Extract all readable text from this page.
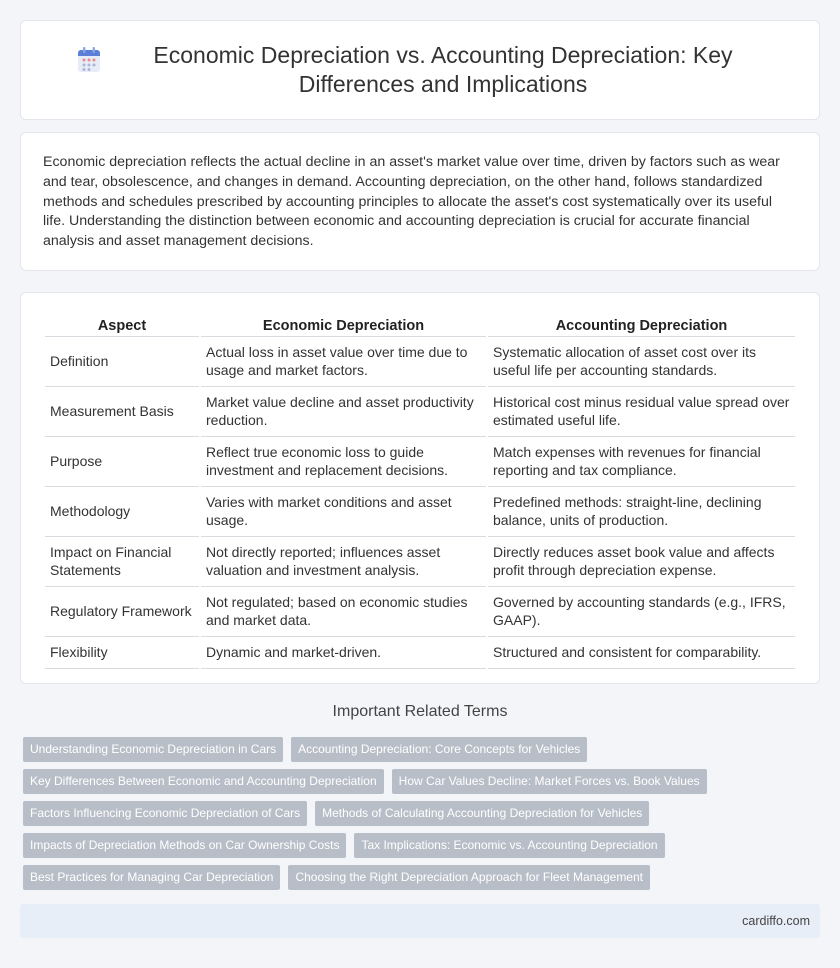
Economic Depreciation vs. Accounting Depreciation: Key Differences and Implications

Economic depreciation reflects the actual decline in an asset's market value over time, driven by factors such as wear and tear, obsolescence, and changes in demand. Accounting depreciation, on the other hand, follows standardized methods and schedules prescribed by accounting principles to allocate the asset's cost systematically over its useful life. Understanding the distinction between economic and accounting depreciation is crucial for accurate financial analysis and asset management decisions.

Aspect	Economic Depreciation	Accounting Depreciation
Definition	Actual loss in asset value over time due to usage and market factors.	Systematic allocation of asset cost over its useful life per accounting standards.
Measurement Basis	Market value decline and asset productivity reduction.	Historical cost minus residual value spread over estimated useful life.
Purpose	Reflect true economic loss to guide investment and replacement decisions.	Match expenses with revenues for financial reporting and tax compliance.
Methodology	Varies with market conditions and asset usage.	Predefined methods: straight-line, declining balance, units of production.
Impact on Financial Statements	Not directly reported; influences asset valuation and investment analysis.	Directly reduces asset book value and affects profit through depreciation expense.
Regulatory Framework	Not regulated; based on economic studies and market data.	Governed by accounting standards (e.g., IFRS, GAAP).
Flexibility	Dynamic and market-driven.	Structured and consistent for comparability.
Important Related Terms
Understanding Economic Depreciation in Cars	Accounting Depreciation: Core Concepts for Vehicles
Key Differences Between Economic and Accounting Depreciation	How Car Values Decline: Market Forces vs. Book Values
Factors Influencing Economic Depreciation of Cars	Methods of Calculating Accounting Depreciation for Vehicles
Impacts of Depreciation Methods on Car Ownership Costs	Tax Implications: Economic vs. Accounting Depreciation
Best Practices for Managing Car Depreciation	Choosing the Right Depreciation Approach for Fleet Management
cardiffo.com
